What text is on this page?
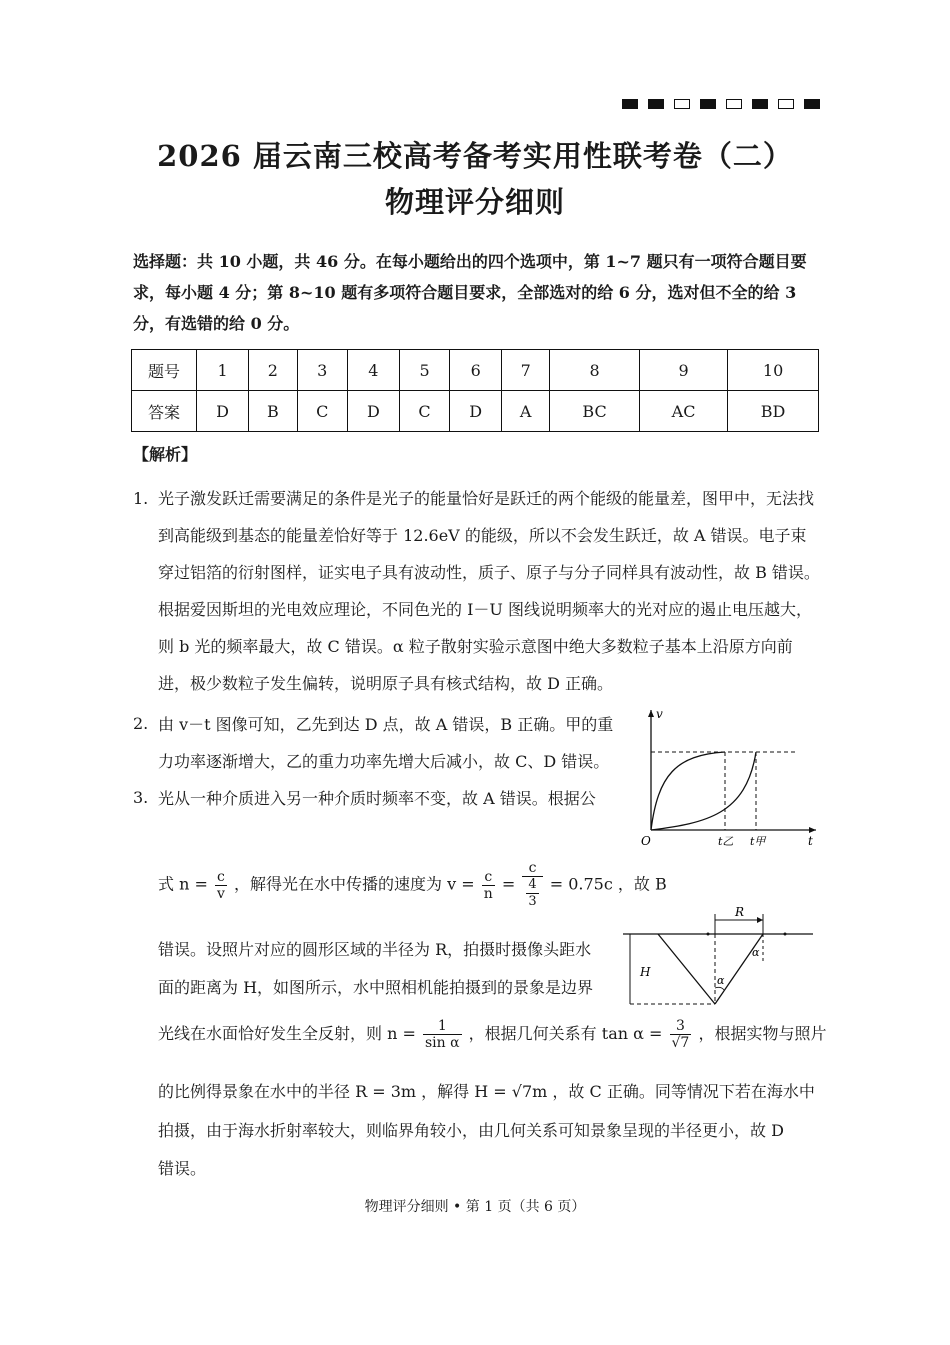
2026 届云南三校高考备考实用性联考卷（二）
物理评分细则
选择题：共 10 小题，共 46 分。在每小题给出的四个选项中，第 1~7 题只有一项符合题目要求，每小题 4 分；第 8~10 题有多项符合题目要求，全部选对的给 6 分，选对但不全的给 3 分，有选错的给 0 分。
题号	1	2	3	4	5	6	7	8	9	10
答案	D	B	C	D	C	D	A	BC	AC	BD
【解析】
1. 光子激发跃迁需要满足的条件是光子的能量恰好是跃迁的两个能级的能量差，图甲中，无法找到高能级到基态的能量差恰好等于 12.6eV 的能级，所以不会发生跃迁，故 A 错误。电子束穿过铝箔的衍射图样，证实电子具有波动性，质子、原子与分子同样具有波动性，故 B 错误。根据爱因斯坦的光电效应理论，不同色光的 I－U 图线说明频率大的光对应的遏止电压越大，则 b 光的频率最大，故 C 错误。α 粒子散射实验示意图中绝大多数粒子基本上沿原方向前进，极少数粒子发生偏转，说明原子具有核式结构，故 D 正确。
2. 由 v－t 图像可知，乙先到达 D 点，故 A 错误，B 正确。甲的重
力功率逐渐增大，乙的重力功率先增大后减小，故 C、D 错误。
3. 光从一种介质进入另一种介质时频率不变，故 A 错误。根据公
式 $n = \frac{c}{v}$ ，解得光在水中传播的速度为 $v = \frac{c}{n} = \frac{c}{\frac{4}{3}} = 0.75c$ ，故 B
错误。设照片对应的圆形区域的半径为 R，拍摄时摄像头距水
面的距离为 H，如图所示，水中照相机能拍摄到的景象是边界
光线在水面恰好发生全反射，则 $n = \frac{1}{\text{sin α}}$ ，根据几何关系有 $\tan \alpha = \frac{3}{√7}$ ，根据实物与照片
的比例得景象在水中的半径 R = 3m ，解得 H = √7m ，故 C 正确。同等情况下若在海水中
拍摄，由于海水折射率较大，则临界角较小，由几何关系可知景象呈现的半径更小，故 D
错误。
v
t
O	t乙 t甲
R
H
α
α
物理评分细则 • 第 1 页（共 6 页）
